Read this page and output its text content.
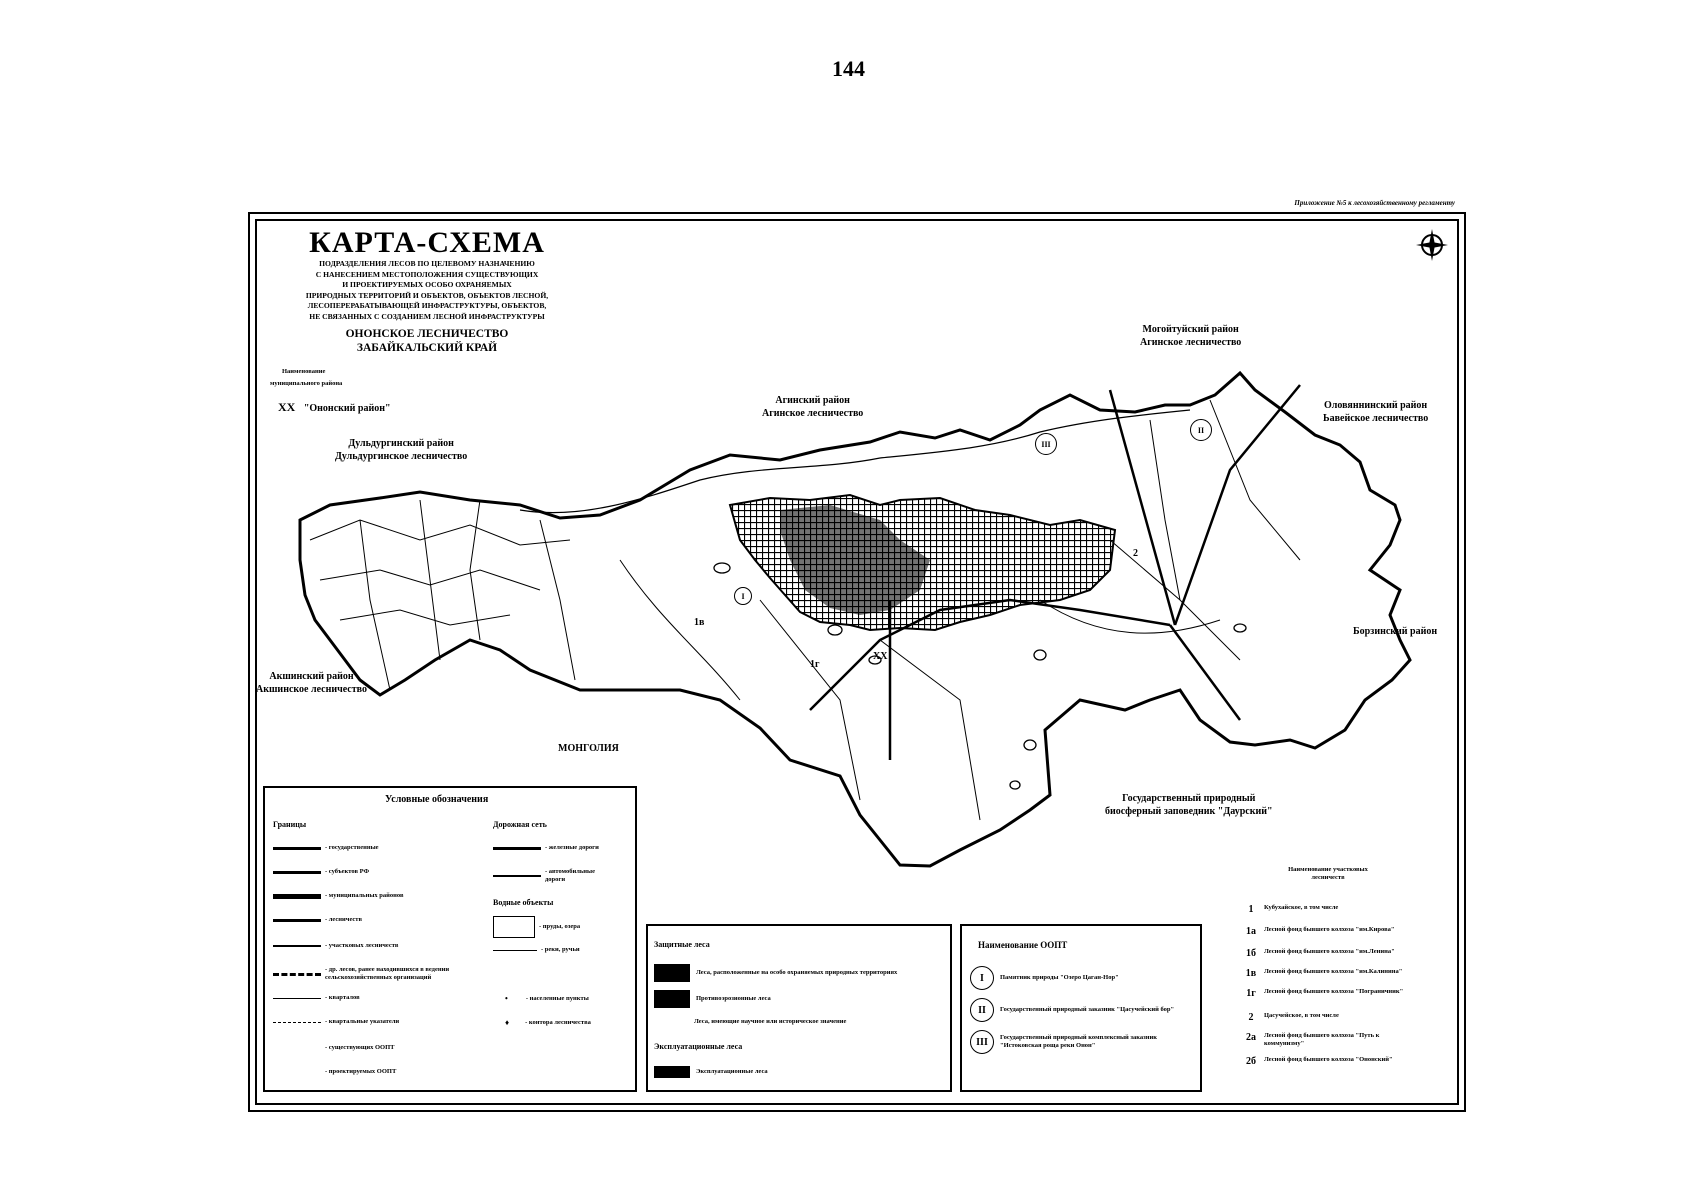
144
Приложение №5 к лесохозяйственному регламенту
III
II
I
1в
1г
2
XX
КАРТА-СХЕМА
ПОДРАЗДЕЛЕНИЯ ЛЕСОВ ПО ЦЕЛЕВОМУ НАЗНАЧЕНИЮ
С НАНЕСЕНИЕМ МЕСТОПОЛОЖЕНИЯ СУЩЕСТВУЮЩИХ
И ПРОЕКТИРУЕМЫХ ОСОБО ОХРАНЯЕМЫХ
ПРИРОДНЫХ ТЕРРИТОРИЙ И ОБЪЕКТОВ, ОБЪЕКТОВ ЛЕСНОЙ,
ЛЕСОПЕРЕРАБАТЫВАЮЩЕЙ ИНФРАСТРУКТУРЫ, ОБЪЕКТОВ,
НЕ СВЯЗАННЫХ С СОЗДАНИЕМ ЛЕСНОЙ ИНФРАСТРУКТУРЫ
ОНОНСКОЕ ЛЕСНИЧЕСТВО
ЗАБАЙКАЛЬСКИЙ КРАЙ
Наименование
муниципального района
XX "Ононский район"
Могойтуйский район
Агинское лесничество
Агинский район
Агинское лесничество
Оловяннинский район
Ьавейское лесничество
Дульдургинский район
Дульдургинское лесничество
Борзинский район
Акшинский район
Акшинское лесничество
МОНГОЛИЯ
Государственный природный
биосферный заповедник "Даурский"
Условные обозначения
Границы	Дорожная сеть
- государственные
- субъектов РФ
- муниципальных районов
- лесничеств
- участковых лесничеств
- др. лесов, ранее находившихся в ведении сельскохозяйственных организаций
- кварталов
- квартальные указатели
- существующих ООПТ
- проектируемых ООПТ
- железные дороги
- автомобильные дороги
Водные объекты
- пруды, озера
- реки, ручьи
•	- населенные пункты
♦ - контора лесничества
Защитные леса
Леса, расположенные на особо охраняемых природных территориях
Противоэрозионные леса
Леса, имеющие научное или историческое значение
Эксплуатационные леса
Эксплуатационные леса
Наименование ООПТ
I	Памятник природы "Озеро Цаган-Нор"
II	Государственный природный заказник "Цасучейский бор"
III	Государственный природный комплексный заказник "Истоковская роща реки Онон"
Наименование участковых
лесничеств
1	Кубухайское, в том числе
1а	Лесной фонд бывшего колхоза "им.Кирова"
1б	Лесной фонд бывшего колхоза "им.Ленина"
1в	Лесной фонд бывшего колхоза "им.Калинина"
1г	Лесной фонд бывшего колхоза "Пограничник"
2	Цасучейское, в том числе
2а	Лесной фонд бывшего колхоза "Путь к коммунизму"
2б	Лесной фонд бывшего колхоза "Ононский"
